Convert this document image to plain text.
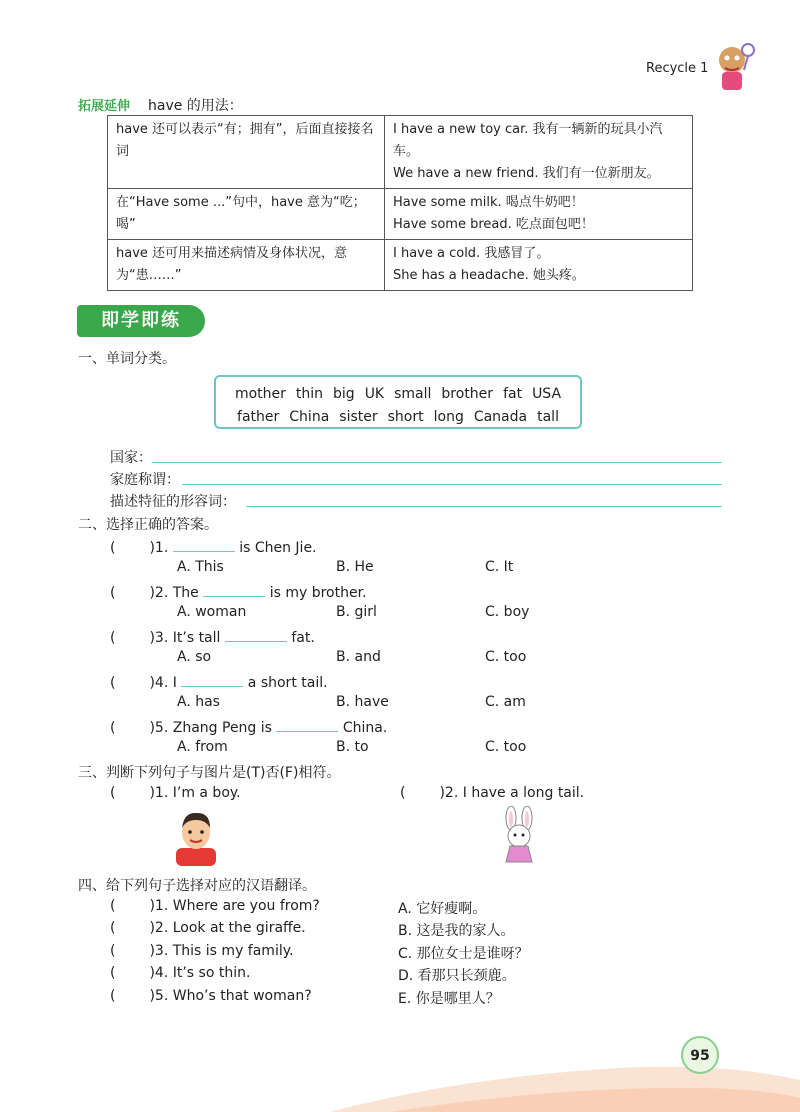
Recycle 1
拓展延伸 have 的用法：
have 还可以表示“有；拥有”，后面直接接名词	I have a new toy car. 我有一辆新的玩具小汽车。
We have a new friend. 我们有一位新朋友。

在“Have some ...”句中，have 意为“吃；喝”	Have some milk. 喝点牛奶吧！
Have some bread. 吃点面包吧！

have 还可用来描述病情及身体状况，意为“患……”	I have a cold. 我感冒了。
She has a headache. 她头疼。
即学即练
一、单词分类。
mother thin big UK small brother fat USA
father China sister short long Canada tall
国家：
家庭称谓：
描述特征的形容词：
二、选择正确的答案。
( )1.	is Chen Jie.
A. This	B. He	C. It
( )2. The	is my brother.
A. woman	B. girl	C. boy
( )3. It’s tall	fat.
A. so	B. and	C. too
( )4. I	a short tail.
A. has	B. have	C. am
( )5. Zhang Peng is	China.
A. from	B. to	C. too
三、判断下列句子与图片是(T)否(F)相符。
( )1. I’m a boy.	( )2. I have a long tail.
四、给下列句子选择对应的汉语翻译。
( )1. Where are you from?	A. 它好瘦啊。
( )2. Look at the giraffe.	B. 这是我的家人。
( )3. This is my family.	C. 那位女士是谁呀？
( )4. It’s so thin.	D. 看那只长颈鹿。
( )5. Who’s that woman?	E. 你是哪里人？
95
